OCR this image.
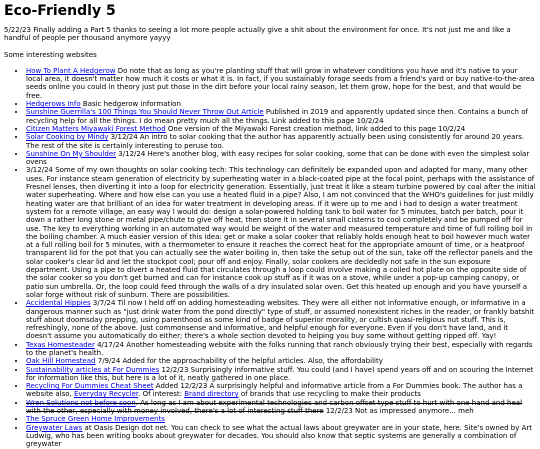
Eco-Friendly 5

5/22/23 Finally adding a Part 5 thanks to seeing a lot more people actually give a shit about the environment for once. It's not just me and like a handful of people per thousand anymore yayyy

Some interesting websites

• How To Plant A Hedgerow Do note that as long as you're planting stuff that will grow in whatever conditions you have and it's native to your local area, it doesn't matter how much it costs or what it is. In fact, if you sustainably forage seeds from a friend's yard or buy native-to-the-area seeds online you could in theory just put those in the dirt before your local rainy season, let them grow, hope for the best, and that would be free.
• Hedgerows Info Basic hedgerow information
• Sunshine Guerrilla's 100 Things You Should Never Throw Out Article Published in 2019 and apparently updated since then. Contains a bunch of recycling help for all the things. I do mean pretty much all the things. Link added to this page 10/2/24
• Citizen Matters Miyawaki Forest Method One version of the Miyawaki Forest creation method, link added to this page 10/2/24
• Solar Cooking by Mindy 3/12/24 An intro to solar cooking that the author has apparently actually been using consistently for around 20 years. The rest of the site is certainly interesting to peruse too.
• Sunshine On My Shoulder 3/12/24 Here's another blog, with easy recipes for solar cooking, some that can be done with even the simplest solar ovens
• 3/12/24 Some of my own thoughts on solar cooking tech: This technology can definitely be expanded upon and adapted for many, many other uses. For instance steam generation of electricity by superheating water in a black-coated pipe at the focal point, perhaps with the assistance of Fresnel lenses, then diverting it into a loop for electricity generation. Essentially, just treat it like a steam turbine powered by coal after the initial water superheating. Where and how else can you use a heated fluid in a pipe? Also, I am not convinced that the WHO's guidelines for just mildly heating water are that brilliant of an idea for water treatment in developing areas. If it were up to me and i had to design a water treatment system for a remote village, an easy way I would do: design a solar-powered holding tank to boil water for 5 minutes, batch per batch, pour it down a rather long stone or metal pipe/chute to give off heat, then store it in several small cisterns to cool completely and be pumped off for use. The key to everything working in an automated way would be weight of the water and measured temperature and time of full rolling boil in the boiling chamber. A much easier version of this idea: get or make a solar cooker that reliably holds enough heat to boil however much water at a full rolling boil for 5 minutes, with a thermometer to ensure it reaches the correct heat for the appropriate amount of time, or a heatproof transparent lid for the pot that you can actually see the water boiling in, then take the setup out of the sun, take off the reflector panels and the solar cooker's clear lid and let the stockpot cool; pour off and enjoy. Finally, solar cookers are decidedly not safe in the sun exposure department. Using a pipe to divert a heated fluid that circulates through a loop could involve making a coiled hot plate on the opposite side of the solar cooker so you don't get burned and can for instance cook up stuff as if it was on a stove, while under a pop-up camping canopy, or patio sun umbrella. Or, the loop could feed through the walls of a dry insulated solar oven. Get this heated up enough and you have yourself a solar forge without risk of sunburn. There are possibilities.
• Accidental Hippies 3/7/24 Til now I held off on adding homesteading websites. They were all either not informative enough, or informative in a dangerous manner such as "just drink water from the pond directly" type of stuff, or assumed nonexistent riches in the reader, or frankly batshit stuff about doomsday prepping, using parenthood as some kind of badge of superior morality, or cultish quasi-religious nut stuff. This is, refreshingly, none of the above. Just commonsense and informative, and helpful enough for everyone. Even if you don't have land, and it doesn't assume you automatically do either; there's a whole section devoted to helping you buy some without getting ripped off. Yay!
• Texas Homesteader 4/17/24 Another homesteading website with the folks running that ranch obviously trying their best, especially with regards to the planet's health.
• Oak Hill Homestead 7/9/24 Added for the approachability of the helpful articles. Also, the affordability
• Sustainability articles at For Dummies 12/2/23 Surprisingly informative stuff. You could (and I have) spend years off and on scouring the Internet for information like this, but here is a lot of it, neatly gathered in one place.
• Recycling For Dummies Cheat Sheet Added 12/2/23 A surprisingly helpful and informative article from a For Dummies book. The author has a website also, Everyday Recycler. Of interest: Brand directory of brands that use recycling to make their products
• Wren Solutions not before soon. As long as I am about experimental technologies and carbon offset type stuff to hurt with one hand and heal with the other, especially with money involved, there's a lot of interesting stuff there 12/2/23 Not as impressed anymore... meh
• The Spruce Green Home Improvements
• Greywater Laws at Oasis Design dot net. You can check to see what the actual laws about greywater are in your state, here. Site's owned by Art Ludwig, who has been writing books about greywater for decades. You should also know that septic systems are generally a combination of greywater
